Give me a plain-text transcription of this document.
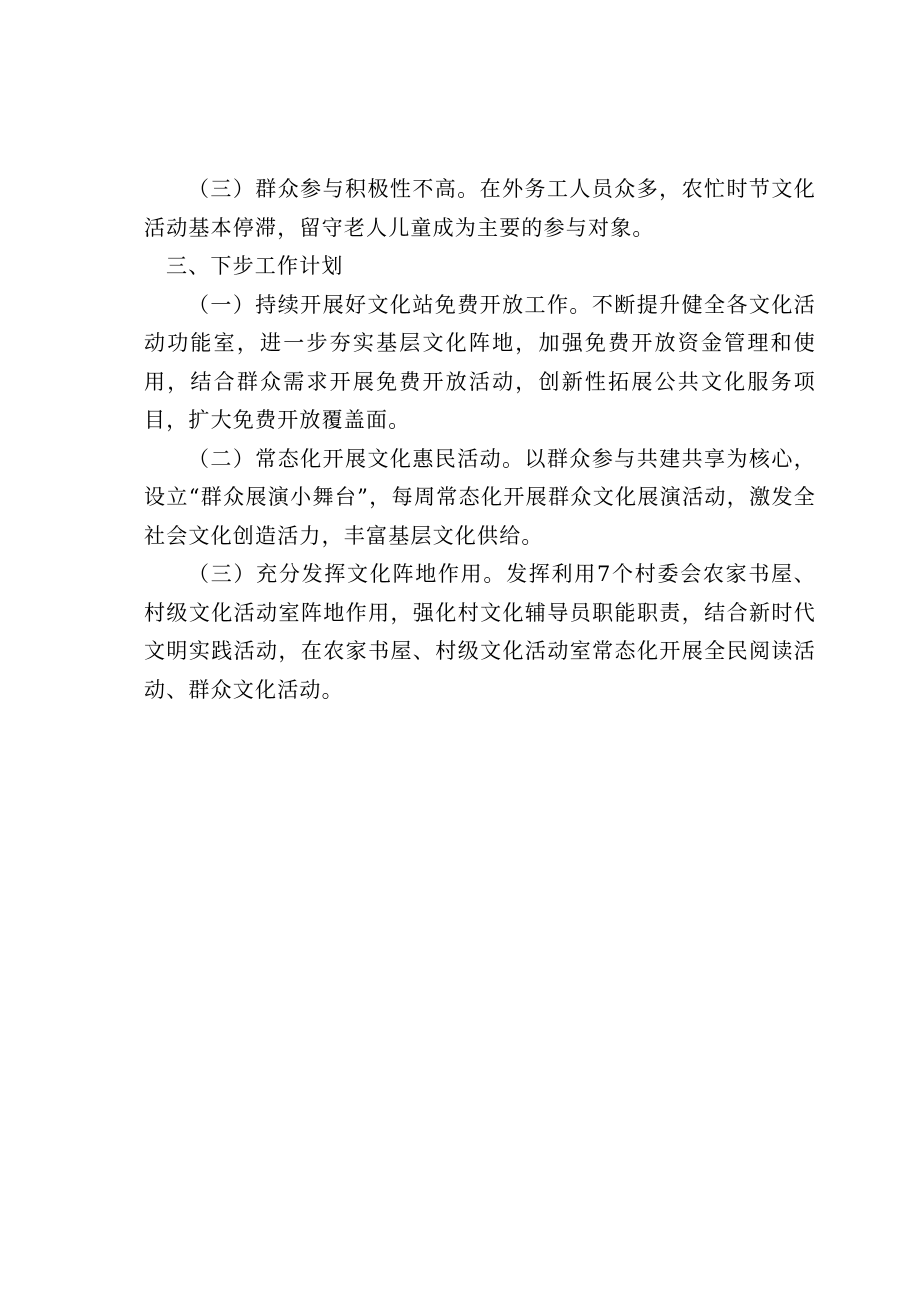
（三）群众参与积极性不高。在外务工人员众多，农忙时节文化活动基本停滞，留守老人儿童成为主要的参与对象。

三、下步工作计划

（一）持续开展好文化站免费开放工作。不断提升健全各文化活动功能室，进一步夯实基层文化阵地，加强免费开放资金管理和使用，结合群众需求开展免费开放活动，创新性拓展公共文化服务项目，扩大免费开放覆盖面。

（二）常态化开展文化惠民活动。以群众参与共建共享为核心，设立“群众展演小舞台”，每周常态化开展群众文化展演活动，激发全社会文化创造活力，丰富基层文化供给。

（三）充分发挥文化阵地作用。发挥利用7个村委会农家书屋、村级文化活动室阵地作用，强化村文化辅导员职能职责，结合新时代文明实践活动，在农家书屋、村级文化活动室常态化开展全民阅读活动、群众文化活动。
